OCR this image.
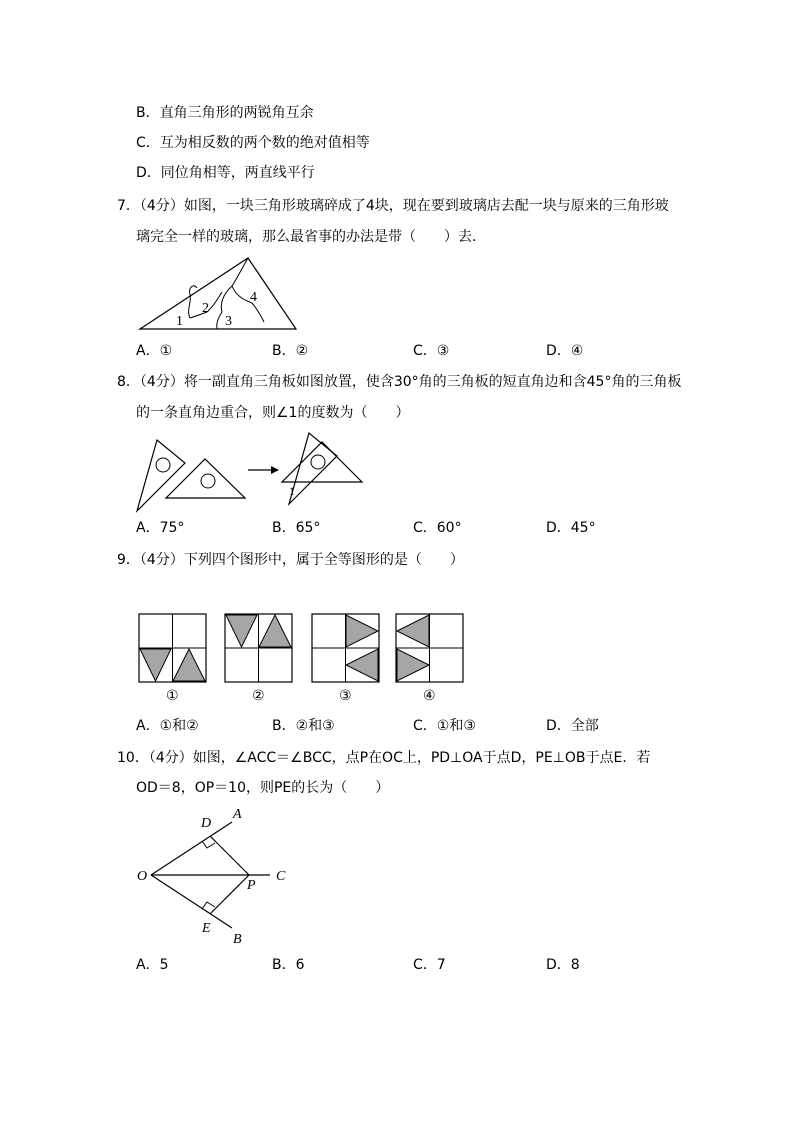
B．直角三角形的两锐角互余
C．互为相反数的两个数的绝对值相等
D．同位角相等，两直线平行
7．（4分）如图，一块三角形玻璃碎成了4块，现在要到玻璃店去配一块与原来的三角形玻
璃完全一样的玻璃，那么最省事的办法是带（　　）去．
1
2
3
4
A．①	B．②	C．③	D．④
8．（4分）将一副直角三角板如图放置，使含30°角的三角板的短直角边和含45°角的三角板
的一条直角边重合，则∠1的度数为（　　）
1
A．75°	B．65°	C．60°	D．45°
9．（4分）下列四个图形中，属于全等图形的是（　　）
①	②	③	④
A．①和②	B．②和③	C．①和③	D．全部
10．（4分）如图，∠ACC＝∠BCC，点P在OC上，PD⊥OA于点D，PE⊥OB于点E．若
OD＝8，OP＝10，则PE的长为（　　）
D
A
O
P
C
E
B
A．5	B．6	C．7	D．8
